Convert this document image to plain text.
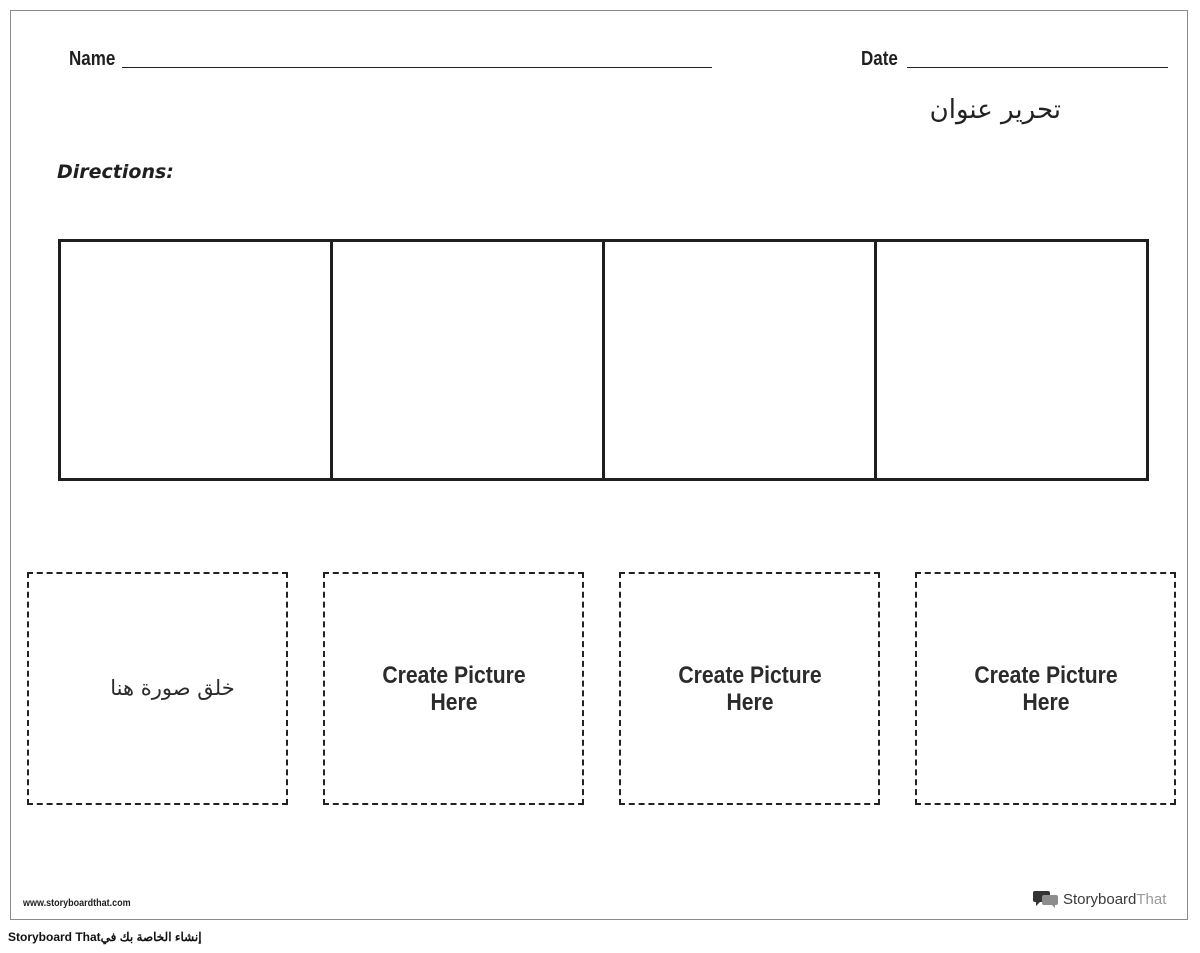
Name	Date
تحرير عنوان
Directions:
خلق صورة هنا	Create Picture Here
Create Picture Here
Create Picture Here
www.storyboardthat.com	StoryboardThat
Storyboard That إنشاء الخاصة بك في
